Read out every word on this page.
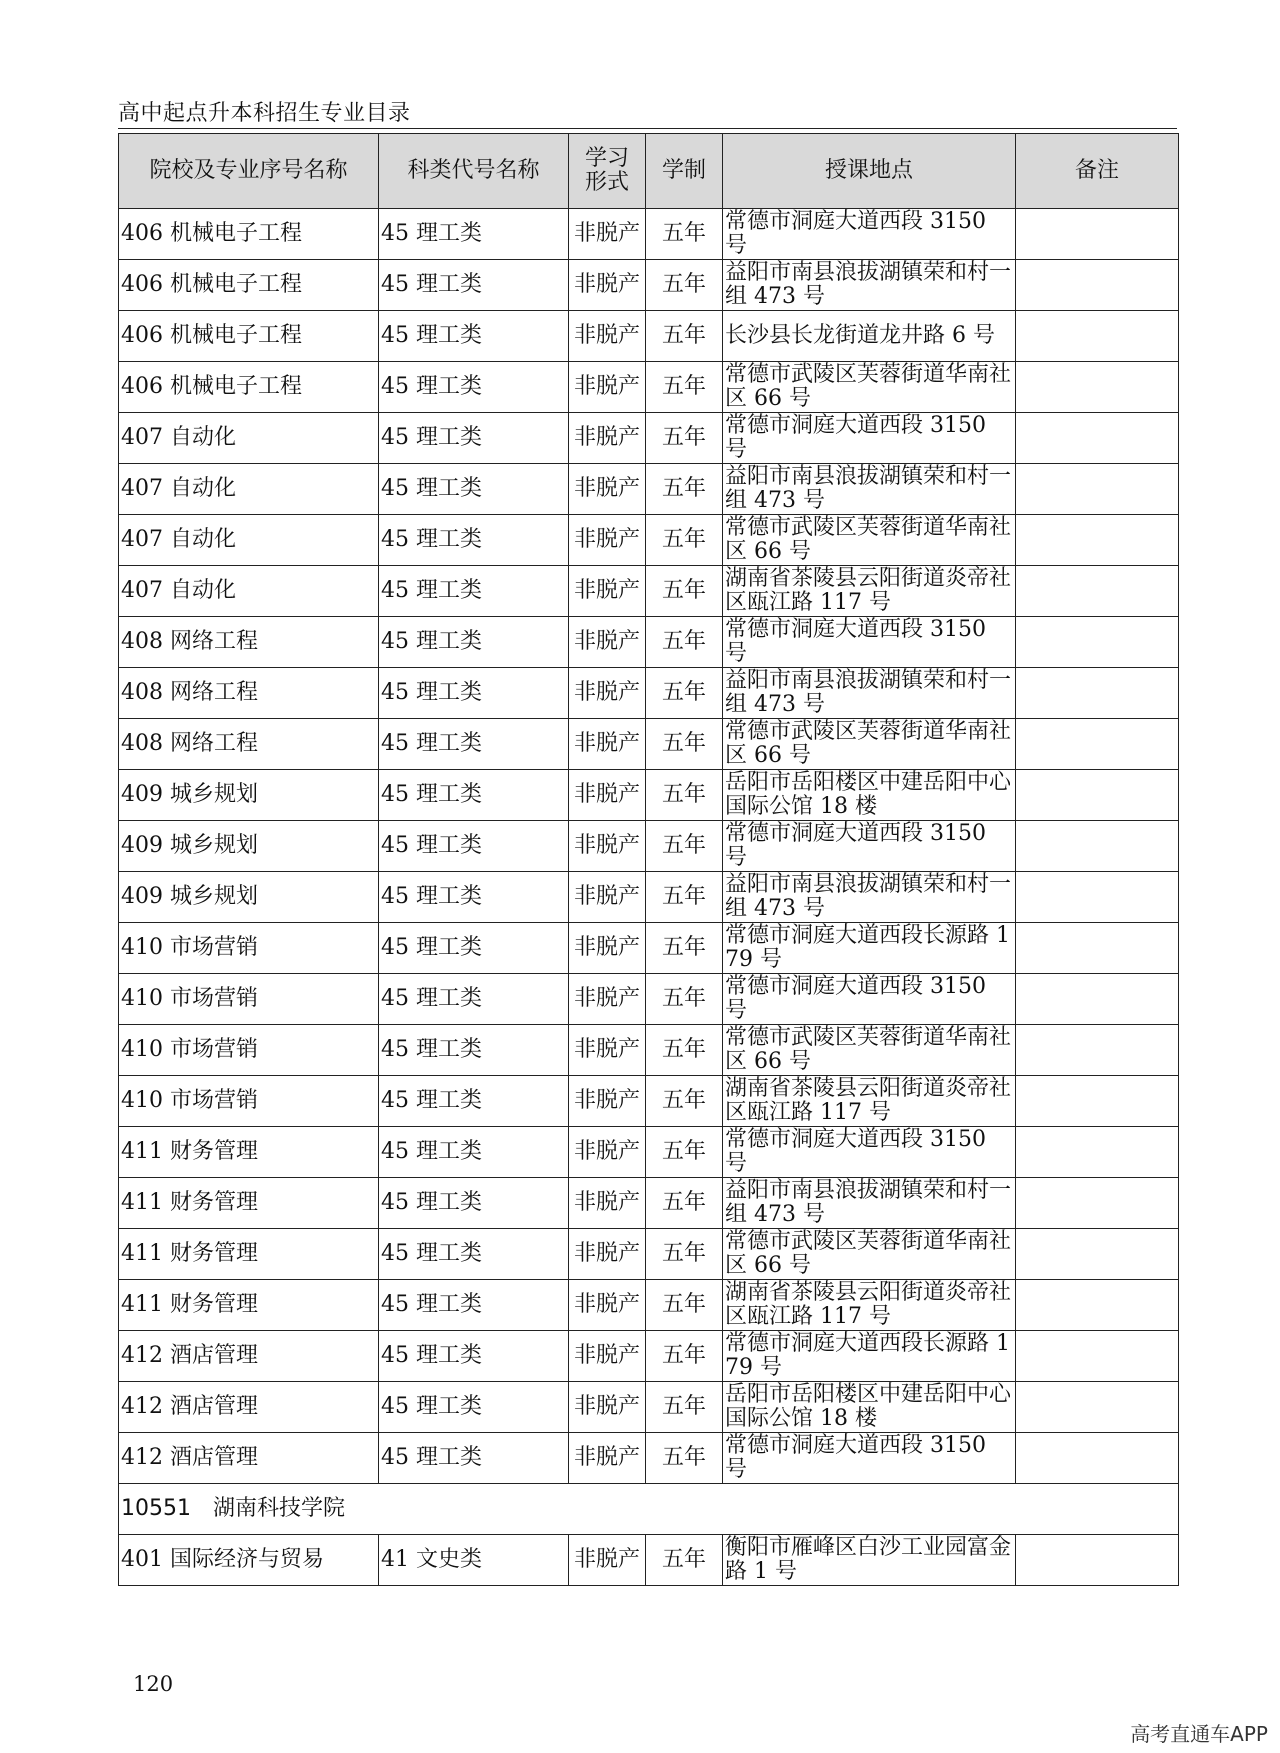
高中起点升本科招生专业目录
院校及专业序号名称	科类代号名称	学习
形式	学制	授课地点	备注
406 机械电子工程	45 理工类	非脱产	五年	常德市洞庭大道西段 3150 号	
406 机械电子工程	45 理工类	非脱产	五年	益阳市南县浪拔湖镇荣和村一组 473 号	
406 机械电子工程	45 理工类	非脱产	五年	长沙县长龙街道龙井路 6 号	
406 机械电子工程	45 理工类	非脱产	五年	常德市武陵区芙蓉街道华南社区 66 号	
407 自动化	45 理工类	非脱产	五年	常德市洞庭大道西段 3150 号	
407 自动化	45 理工类	非脱产	五年	益阳市南县浪拔湖镇荣和村一组 473 号	
407 自动化	45 理工类	非脱产	五年	常德市武陵区芙蓉街道华南社区 66 号	
407 自动化	45 理工类	非脱产	五年	湖南省茶陵县云阳街道炎帝社区瓯江路 117 号	
408 网络工程	45 理工类	非脱产	五年	常德市洞庭大道西段 3150 号	
408 网络工程	45 理工类	非脱产	五年	益阳市南县浪拔湖镇荣和村一组 473 号	
408 网络工程	45 理工类	非脱产	五年	常德市武陵区芙蓉街道华南社区 66 号	
409 城乡规划	45 理工类	非脱产	五年	岳阳市岳阳楼区中建岳阳中心国际公馆 18 楼	
409 城乡规划	45 理工类	非脱产	五年	常德市洞庭大道西段 3150 号	
409 城乡规划	45 理工类	非脱产	五年	益阳市南县浪拔湖镇荣和村一组 473 号	
410 市场营销	45 理工类	非脱产	五年	常德市洞庭大道西段长源路 179 号	
410 市场营销	45 理工类	非脱产	五年	常德市洞庭大道西段 3150 号	
410 市场营销	45 理工类	非脱产	五年	常德市武陵区芙蓉街道华南社区 66 号	
410 市场营销	45 理工类	非脱产	五年	湖南省茶陵县云阳街道炎帝社区瓯江路 117 号	
411 财务管理	45 理工类	非脱产	五年	常德市洞庭大道西段 3150 号	
411 财务管理	45 理工类	非脱产	五年	益阳市南县浪拔湖镇荣和村一组 473 号	
411 财务管理	45 理工类	非脱产	五年	常德市武陵区芙蓉街道华南社区 66 号	
411 财务管理	45 理工类	非脱产	五年	湖南省茶陵县云阳街道炎帝社区瓯江路 117 号	
412 酒店管理	45 理工类	非脱产	五年	常德市洞庭大道西段长源路 179 号	
412 酒店管理	45 理工类	非脱产	五年	岳阳市岳阳楼区中建岳阳中心国际公馆 18 楼	
412 酒店管理	45 理工类	非脱产	五年	常德市洞庭大道西段 3150 号	
10551　湖南科技学院					
401 国际经济与贸易	41 文史类	非脱产	五年	衡阳市雁峰区白沙工业园富金路 1 号	
120
高考直通车APP
